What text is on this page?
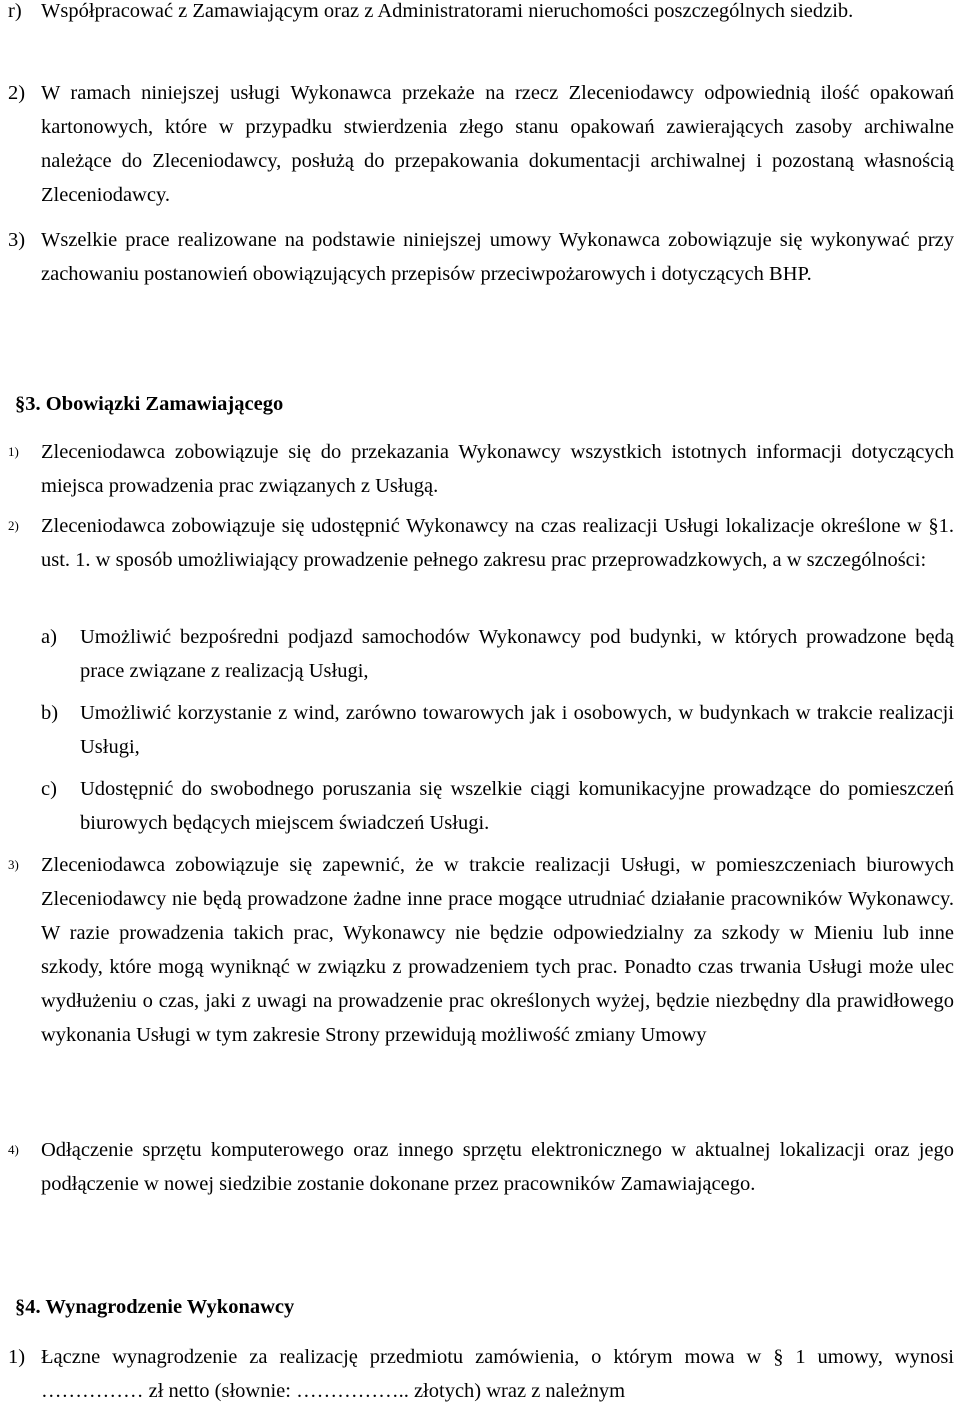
r) Współpracować z Zamawiającym oraz z Administratorami nieruchomości poszczególnych siedzib.
2) W ramach niniejszej usługi Wykonawca przekaże na rzecz Zleceniodawcy odpowiednią ilość opakowań kartonowych, które w przypadku stwierdzenia złego stanu opakowań zawierających zasoby archiwalne należące do Zleceniodawcy, posłużą do przepakowania dokumentacji archiwalnej i pozostaną własnością Zleceniodawcy.
3) Wszelkie prace realizowane na podstawie niniejszej umowy Wykonawca zobowiązuje się wykonywać przy zachowaniu postanowień obowiązujących przepisów przeciwpożarowych i dotyczących BHP.
§3. Obowiązki Zamawiającego
1) Zleceniodawca zobowiązuje się do przekazania Wykonawcy wszystkich istotnych informacji dotyczących miejsca prowadzenia prac związanych z Usługą.
2) Zleceniodawca zobowiązuje się udostępnić Wykonawcy na czas realizacji Usługi lokalizacje określone w §1. ust. 1. w sposób umożliwiający prowadzenie pełnego zakresu prac przeprowadzkowych, a w szczególności:
a) Umożliwić bezpośredni podjazd samochodów Wykonawcy pod budynki, w których prowadzone będą prace związane z realizacją Usługi,
b) Umożliwić korzystanie z wind, zarówno towarowych jak i osobowych, w budynkach w trakcie realizacji Usługi,
c) Udostępnić do swobodnego poruszania się wszelkie ciągi komunikacyjne prowadzące do pomieszczeń biurowych będących miejscem świadczeń Usługi.
3) Zleceniodawca zobowiązuje się zapewnić, że w trakcie realizacji Usługi, w pomieszczeniach biurowych Zleceniodawcy nie będą prowadzone żadne inne prace mogące utrudniać działanie pracowników Wykonawcy. W razie prowadzenia takich prac, Wykonawcy nie będzie odpowiedzialny za szkody w Mieniu lub inne szkody, które mogą wyniknąć w związku z prowadzeniem tych prac. Ponadto czas trwania Usługi może ulec wydłużeniu o czas, jaki z uwagi na prowadzenie prac określonych wyżej, będzie niezbędny dla prawidłowego wykonania Usługi w tym zakresie Strony przewidują możliwość zmiany Umowy
4) Odłączenie sprzętu komputerowego oraz innego sprzętu elektronicznego w aktualnej lokalizacji oraz jego podłączenie w nowej siedzibie zostanie dokonane przez pracowników Zamawiającego.
§4. Wynagrodzenie Wykonawcy
1) Łączne wynagrodzenie za realizację przedmiotu zamówienia, o którym mowa w § 1 umowy, wynosi …………… zł netto (słownie: …………….. złotych) wraz z należnym
